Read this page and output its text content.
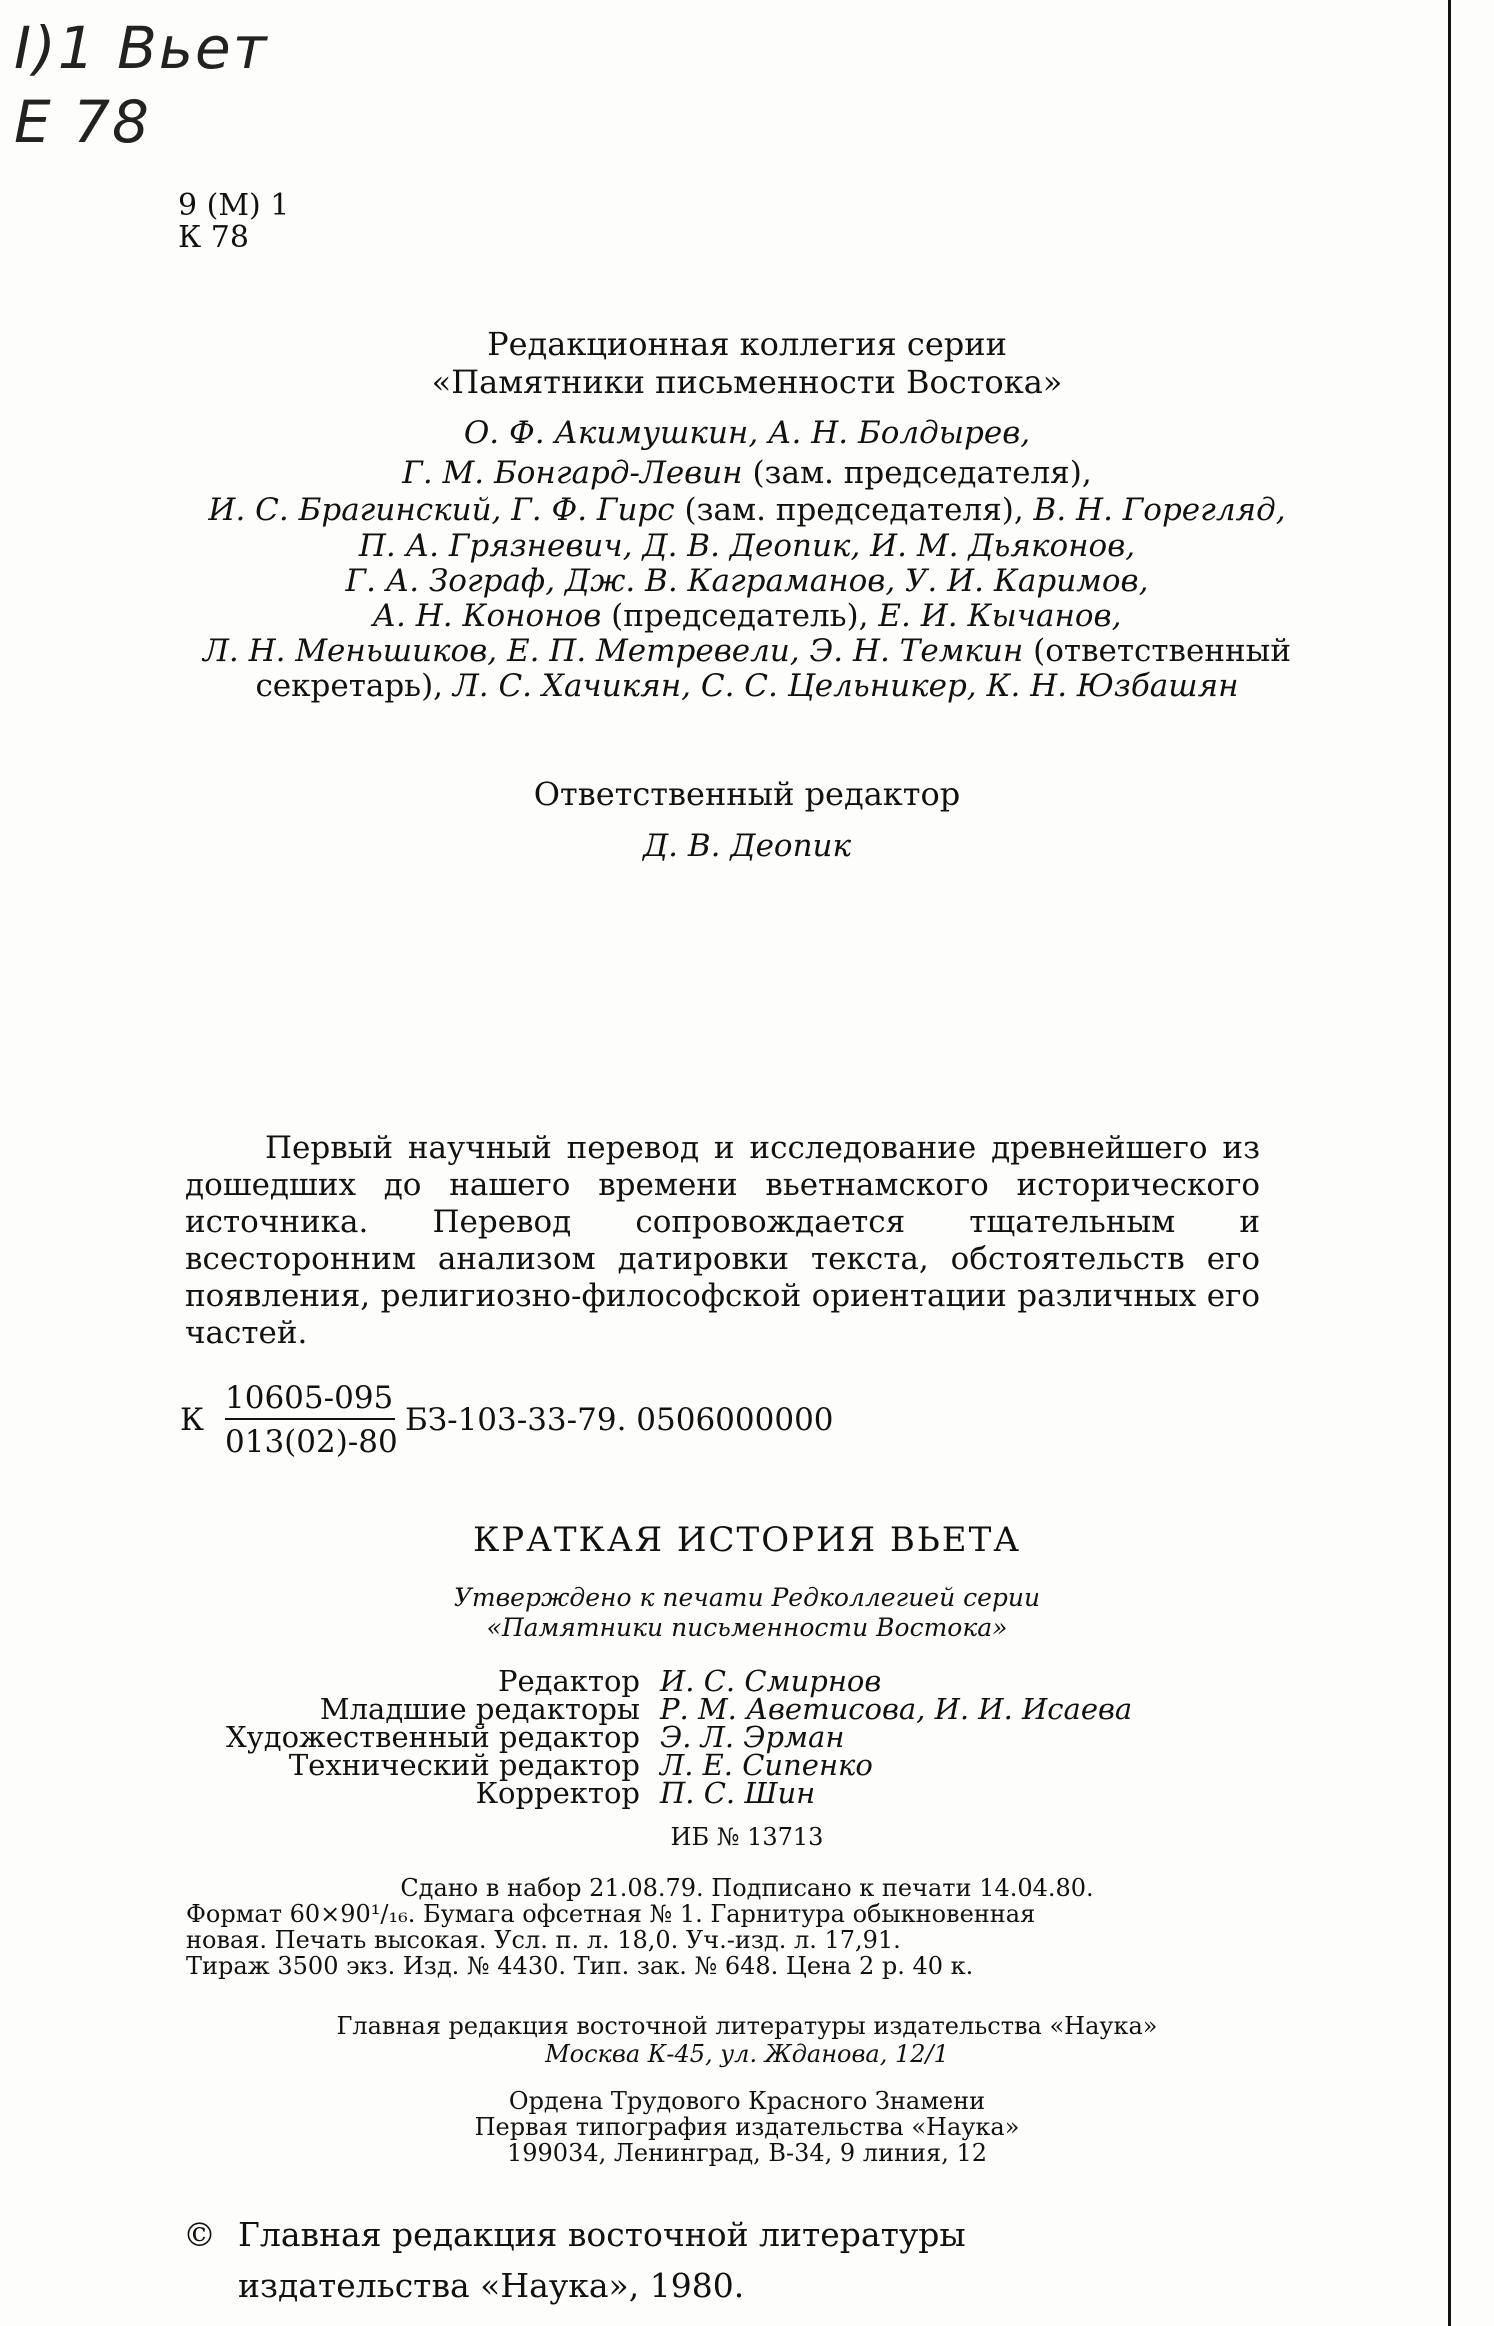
I)1 Вьет
Е 78
9 (М) 1
К 78
Редакционная коллегия серии
«Памятники письменности Востока»
О. Ф. Акимушкин, А. Н. Болдырев,
Г. М. Бонгард-Левин (зам. председателя),
И. С. Брагинский, Г. Ф. Гирс (зам. председателя), В. Н. Горегляд,
П. А. Грязневич, Д. В. Деопик, И. М. Дьяконов,
Г. А. Зограф, Дж. В. Каграманов, У. И. Каримов,
А. Н. Кононов (председатель), Е. И. Кычанов,
Л. Н. Меньшиков, Е. П. Метревели, Э. Н. Темкин (ответственный
секретарь), Л. С. Хачикян, С. С. Цельникер, К. Н. Юзбашян
Ответственный редактор
Д. В. Деопик
Первый научный перевод и исследование древнейшего из дошедших до нашего времени вьетнамского исторического источника. Перевод сопровождается тщательным и всесторонним анализом датировки текста, обстоятельств его появления, религиозно-философской ориентации различных его частей.
К
10605-095
013(02)-80
БЗ-103-33-79. 0506000000
КРАТКАЯ ИСТОРИЯ ВЬЕТА
Утверждено к печати Редколлегией серии
«Памятники письменности Востока»
Редактор И. С. Смирнов
Младшие редакторы Р. М. Аветисова, И. И. Исаева
Художественный редактор Э. Л. Эрман
Технический редактор Л. Е. Сипенко
Корректор П. С. Шин
ИБ № 13713
Сдано в набор 21.08.79. Подписано к печати 14.04.80.
Формат 60×90¹/₁₆. Бумага офсетная № 1. Гарнитура обыкновенная
новая. Печать высокая. Усл. п. л. 18,0. Уч.-изд. л. 17,91.
Тираж 3500 экз. Изд. № 4430. Тип. зак. № 648. Цена 2 р. 40 к.
Главная редакция восточной литературы издательства «Наука»
Москва К-45, ул. Жданова, 12/1
Ордена Трудового Красного Знамени
Первая типография издательства «Наука»
199034, Ленинград, В-34, 9 линия, 12
© Главная редакция восточной литературы
издательства «Наука», 1980.
